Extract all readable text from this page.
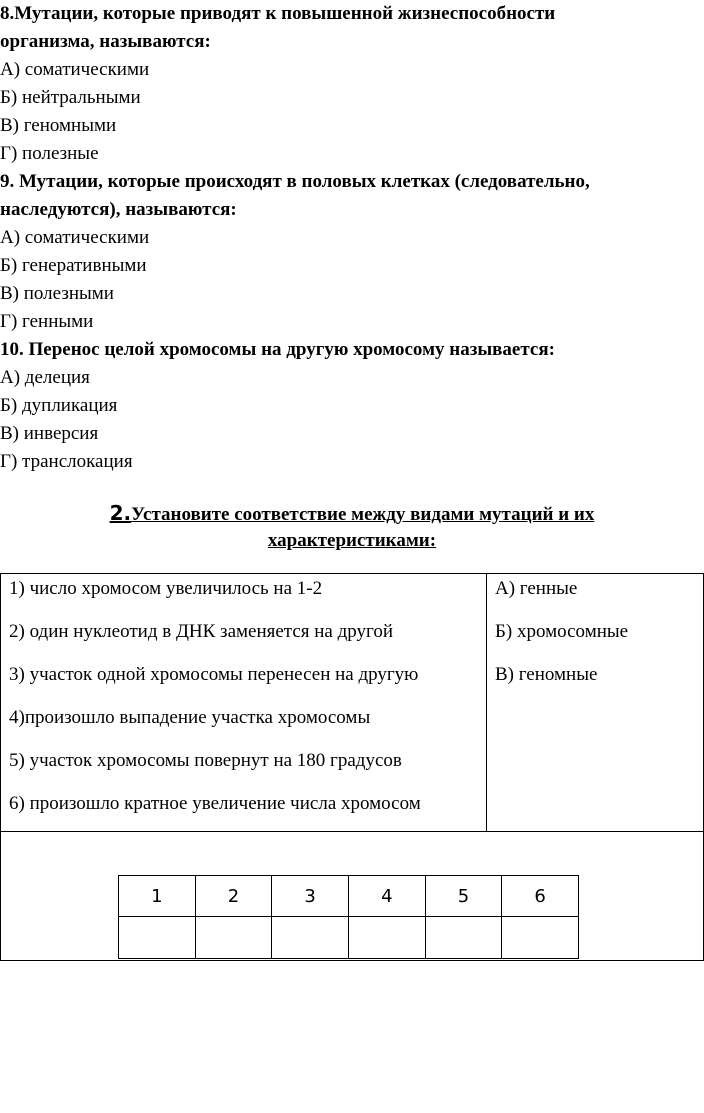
8.Мутации, которые приводят к повышенной жизнеспособности

организма, называются:

А) соматическими

Б) нейтральными

В) геномными

Г) полезные

9. Мутации, которые происходят в половых клетках (следовательно,

наследуются), называются:

А) соматическими

Б) генеративными

В) полезными

Г) генными

10. Перенос целой хромосомы на другую хромосому называется:

А) делеция

Б) дупликация

В) инверсия

Г) транслокация

2.Установите соответствие между видами мутаций и их
характеристиками:

1) число хромосом увеличилось на 1-2

2) один нуклеотид в ДНК заменяется на другой

3) участок одной хромосомы перенесен на другую

4)произошло выпадение участка хромосомы

5) участок хромосомы повернут на 180 градусов

6) произошло кратное увеличение числа хромосом

А) генные

Б) хромосомные

В) геномные

1	2	3	4	5	6
